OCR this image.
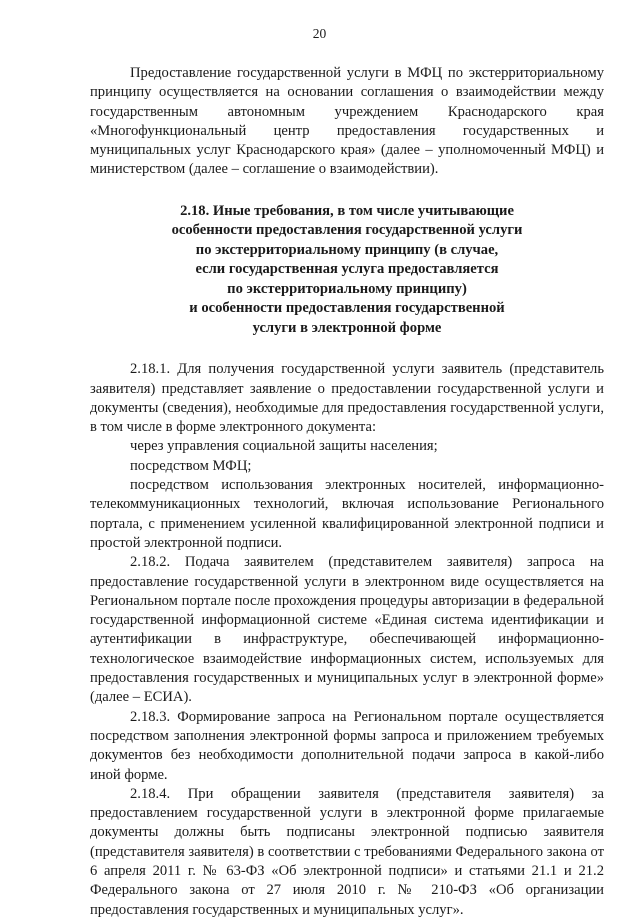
20

Предоставление государственной услуги в МФЦ по экстерриториальному принципу осуществляется на основании соглашения о взаимодействии между государственным автономным учреждением Краснодарского края «Многофункциональный центр предоставления государственных и муниципальных услуг Краснодарского края» (далее – уполномоченный МФЦ) и министерством (далее – соглашение о взаимодействии).

2.18. Иные требования, в том числе учитывающие
особенности предоставления государственной услуги
по экстерриториальному принципу (в случае,
если государственная услуга предоставляется
по экстерриториальному принципу)
и особенности предоставления государственной
услуги в электронной форме

2.18.1. Для получения государственной услуги заявитель (представитель заявителя) представляет заявление о предоставлении государственной услуги и документы (сведения), необходимые для предоставления государственной услуги, в том числе в форме электронного документа:

через управления социальной защиты населения;

посредством МФЦ;

посредством использования электронных носителей, информационно-телекоммуникационных технологий, включая использование Регионального портала, с применением усиленной квалифицированной электронной подписи и простой электронной подписи.

2.18.2. Подача заявителем (представителем заявителя) запроса на предоставление государственной услуги в электронном виде осуществляется на Региональном портале после прохождения процедуры авторизации в федеральной государственной информационной системе «Единая система идентификации и аутентификации в инфраструктуре, обеспечивающей информационно-технологическое взаимодействие информационных систем, используемых для предоставления государственных и муниципальных услуг в электронной форме» (далее – ЕСИА).

2.18.3. Формирование запроса на Региональном портале осуществляется посредством заполнения электронной формы запроса и приложением требуемых документов без необходимости дополнительной подачи запроса в какой-либо иной форме.

2.18.4. При обращении заявителя (представителя заявителя) за предоставлением государственной услуги в электронной форме прилагаемые документы должны быть подписаны электронной подписью заявителя (представителя заявителя) в соответствии с требованиями Федерального закона от 6 апреля 2011 г. № 63-ФЗ «Об электронной подписи» и статьями 21.1 и 21.2 Федерального закона от 27 июля 2010 г. № 210-ФЗ «Об организации предоставления государственных и муниципальных услуг».
